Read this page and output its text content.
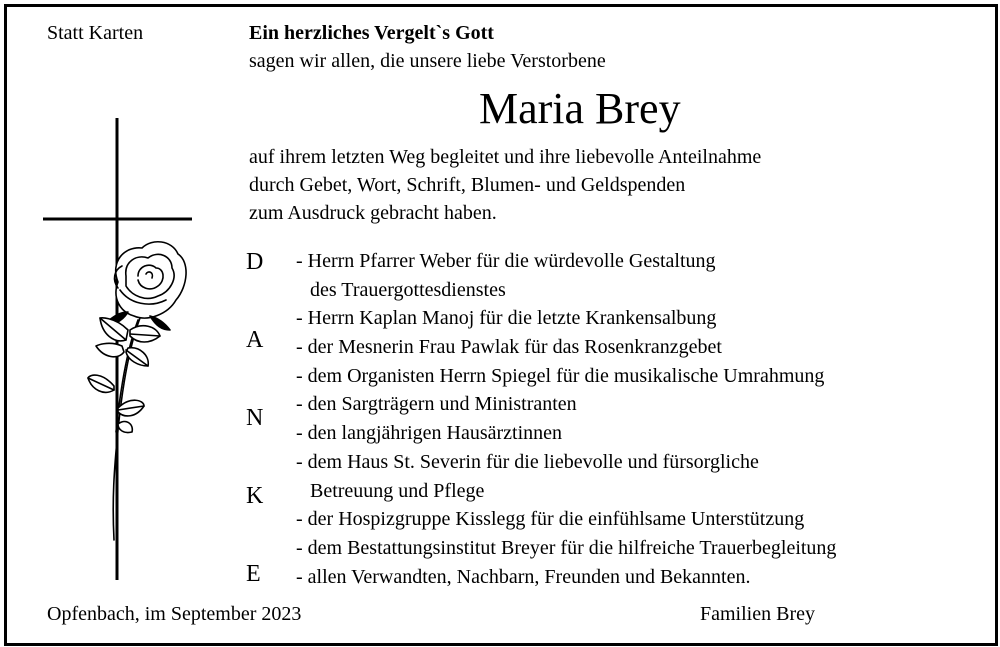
Statt Karten	Ein herzliches Vergelt`s Gott
sagen wir allen, die unsere liebe Verstorbene
Maria Brey
auf ihrem letzten Weg begleitet und ihre liebevolle Anteilnahme
durch Gebet, Wort, Schrift, Blumen- und Geldspenden
zum Ausdruck gebracht haben.
D
A
N
K
E
- Herrn Pfarrer Weber für die würdevolle Gestaltung
des Trauergottesdienstes
- Herrn Kaplan Manoj für die letzte Krankensalbung
- der Mesnerin Frau Pawlak für das Rosenkranzgebet
- dem Organisten Herrn Spiegel für die musikalische Umrahmung
- den Sargträgern und Ministranten
- den langjährigen Hausärztinnen
- dem Haus St. Severin für die liebevolle und fürsorgliche
Betreuung und Pflege
- der Hospizgruppe Kisslegg für die einfühlsame Unterstützung
- dem Bestattungsinstitut Breyer für die hilfreiche Trauerbegleitung
- allen Verwandten, Nachbarn, Freunden und Bekannten.
Opfenbach, im September 2023	Familien Brey
